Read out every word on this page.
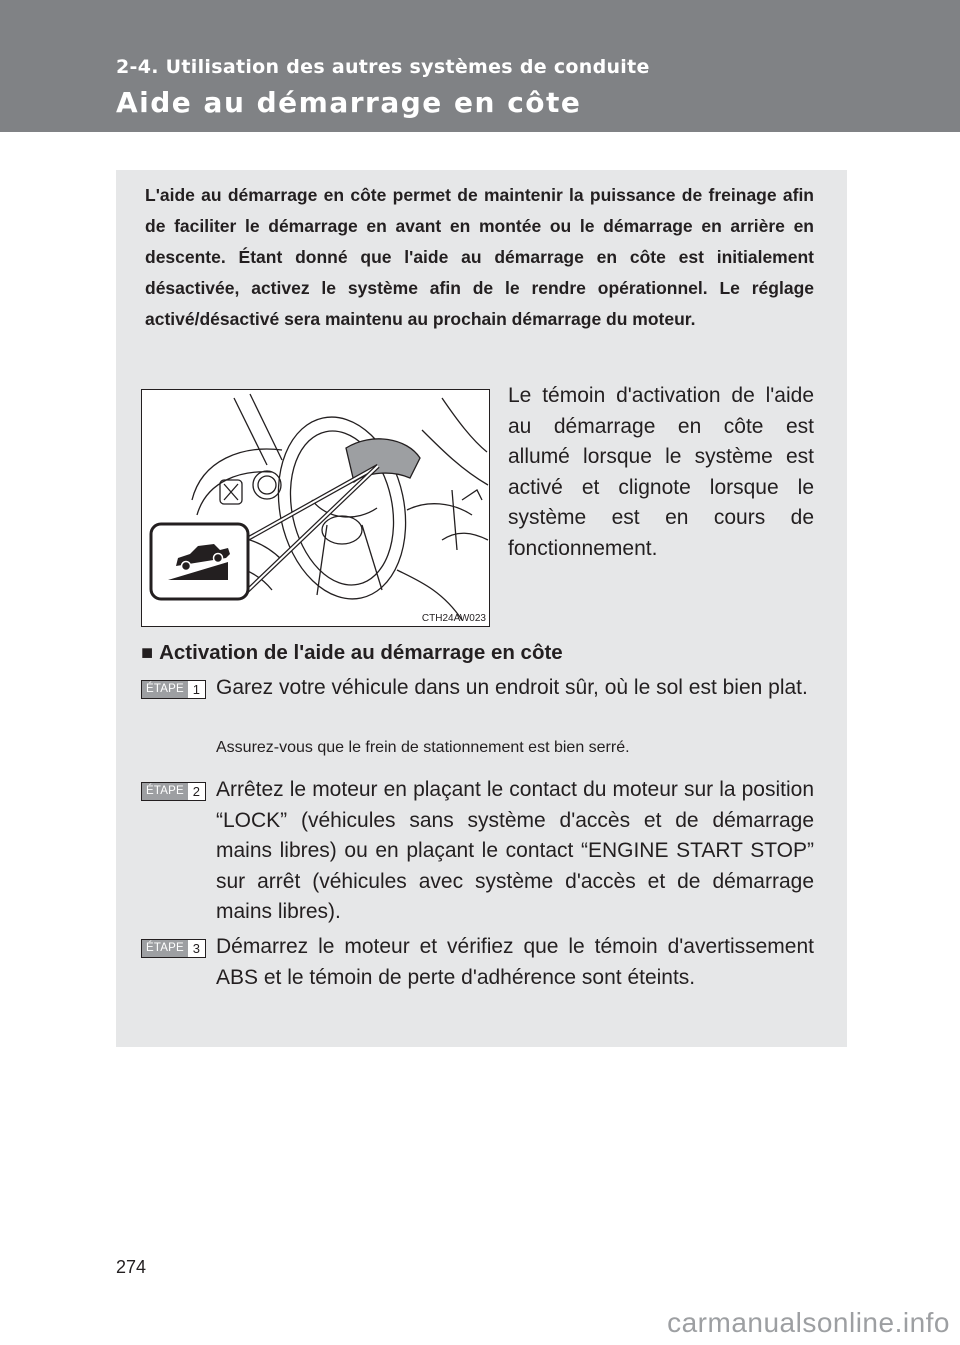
2-4. Utilisation des autres systèmes de conduite
Aide au démarrage en côte

L'aide au démarrage en côte permet de maintenir la puissance de freinage afin de faciliter le démarrage en avant en montée ou le démarrage en arrière en descente. Étant donné que l'aide au démarrage en côte est initialement désactivée, activez le système afin de le rendre opérationnel. Le réglage activé/désactivé sera maintenu au prochain démarrage du moteur.

CTH24AW023

Le témoin d'activation de l'aide au démarrage en côte est allumé lorsque le système est activé et clignote lorsque le système est en cours de fonctionnement.

■ Activation de l'aide au démarrage en côte
ÉTAPE 1 Garez votre véhicule dans un endroit sûr, où le sol est bien plat.

Assurez-vous que le frein de stationnement est bien serré.
ÉTAPE 2 Arrêtez le moteur en plaçant le contact du moteur sur la position “LOCK” (véhicules sans système d'accès et de démarrage mains libres) ou en plaçant le contact “ENGINE START STOP” sur arrêt (véhicules avec système d'accès et de démarrage mains libres).

ÉTAPE 3 Démarrez le moteur et vérifiez que le témoin d'avertissement ABS et le témoin de perte d'adhérence sont éteints.

274
carmanualsonline.info
